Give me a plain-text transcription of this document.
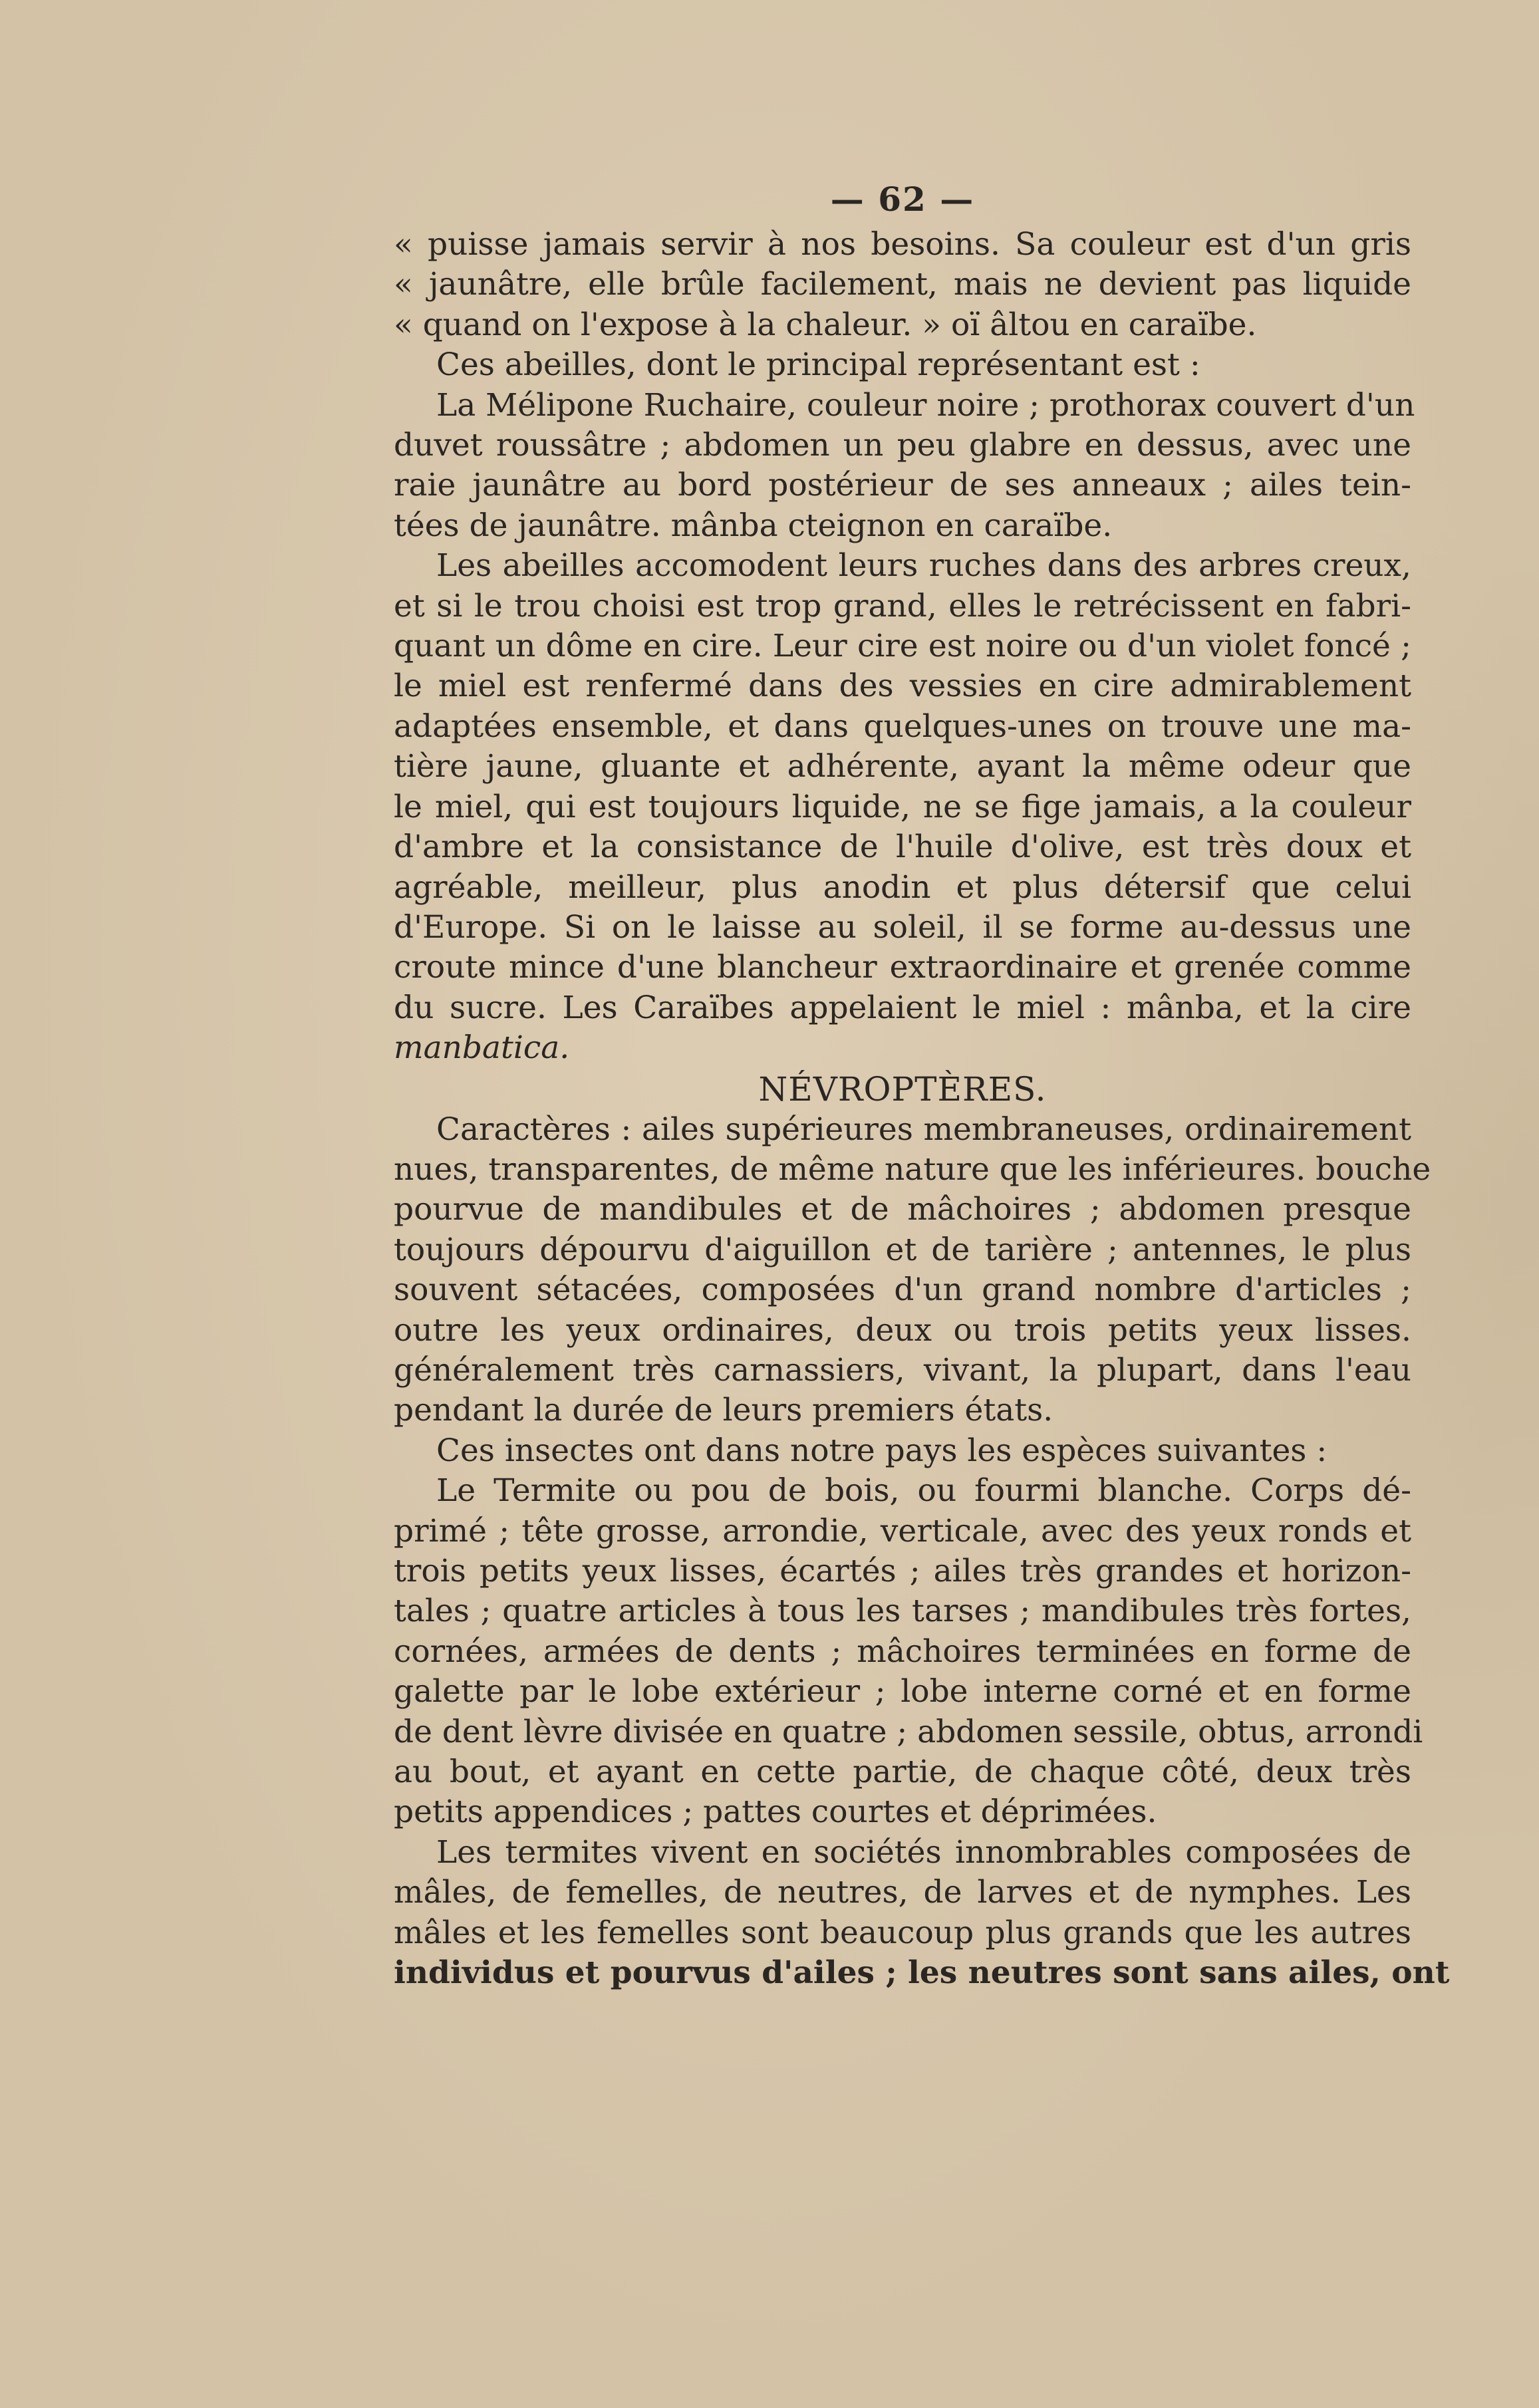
— 62 —

« puisse jamais servir à nos besoins. Sa couleur est d'un gris
« jaunâtre, elle brûle facilement, mais ne devient pas liquide
« quand on l'expose à la chaleur. » oï âltou en caraïbe.

Ces abeilles, dont le principal représentant est :

La Mélipone Ruchaire, couleur noire ; prothorax couvert d'un
duvet roussâtre ; abdomen un peu glabre en dessus, avec une
raie jaunâtre au bord postérieur de ses anneaux ; ailes tein-
tées de jaunâtre. mânba cteignon en caraïbe.

Les abeilles accomodent leurs ruches dans des arbres creux,
et si le trou choisi est trop grand, elles le retrécissent en fabri-
quant un dôme en cire. Leur cire est noire ou d'un violet foncé ;
le miel est renfermé dans des vessies en cire admirablement
adaptées ensemble, et dans quelques-unes on trouve une ma-
tière jaune, gluante et adhérente, ayant la même odeur que
le miel, qui est toujours liquide, ne se fige jamais, a la couleur
d'ambre et la consistance de l'huile d'olive, est très doux et
agréable, meilleur, plus anodin et plus détersif que celui
d'Europe. Si on le laisse au soleil, il se forme au-dessus une
croute mince d'une blancheur extraordinaire et grenée comme
du sucre. Les Caraïbes appelaient le miel : mânba, et la cire
manbatica.

NÉVROPTÈRES.

Caractères : ailes supérieures membraneuses, ordinairement
nues, transparentes, de même nature que les inférieures. bouche
pourvue de mandibules et de mâchoires ; abdomen presque
toujours dépourvu d'aiguillon et de tarière ; antennes, le plus
souvent sétacées, composées d'un grand nombre d'articles ;
outre les yeux ordinaires, deux ou trois petits yeux lisses.
généralement très carnassiers, vivant, la plupart, dans l'eau
pendant la durée de leurs premiers états.

Ces insectes ont dans notre pays les espèces suivantes :

Le Termite ou pou de bois, ou fourmi blanche. Corps dé-
primé ; tête grosse, arrondie, verticale, avec des yeux ronds et
trois petits yeux lisses, écartés ; ailes très grandes et horizon-
tales ; quatre articles à tous les tarses ; mandibules très fortes,
cornées, armées de dents ; mâchoires terminées en forme de
galette par le lobe extérieur ; lobe interne corné et en forme
de dent lèvre divisée en quatre ; abdomen sessile, obtus, arrondi
au bout, et ayant en cette partie, de chaque côté, deux très
petits appendices ; pattes courtes et déprimées.

Les termites vivent en sociétés innombrables composées de
mâles, de femelles, de neutres, de larves et de nymphes. Les
mâles et les femelles sont beaucoup plus grands que les autres
individus et pourvus d'ailes ; les neutres sont sans ailes, ont
